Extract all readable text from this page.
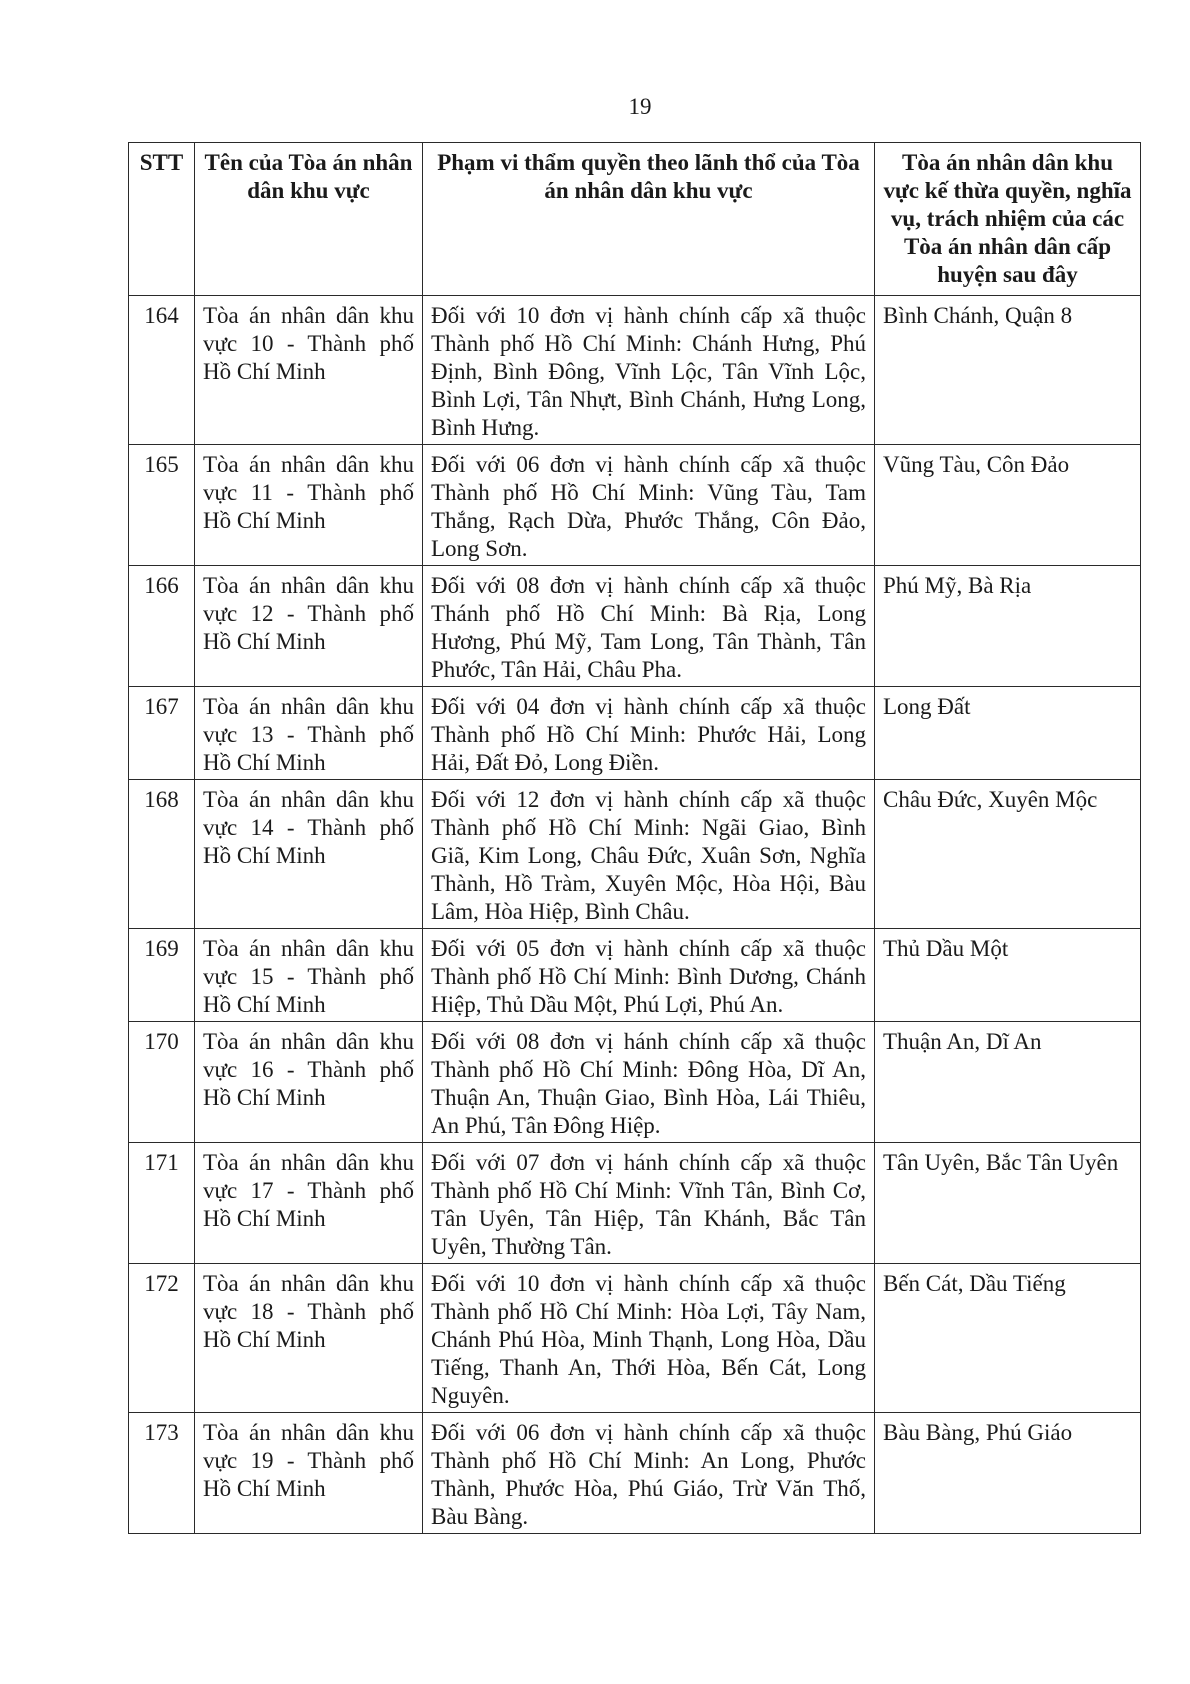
19
STT	Tên của Tòa án nhân dân khu vực	Phạm vi thẩm quyền theo lãnh thổ của Tòa án nhân dân khu vực	Tòa án nhân dân khu vực kế thừa quyền, nghĩa vụ, trách nhiệm của các Tòa án nhân dân cấp huyện sau đây
164	Tòa án nhân dân khu vực 10 - Thành phố Hồ Chí Minh	Đối với 10 đơn vị hành chính cấp xã thuộc Thành phố Hồ Chí Minh: Chánh Hưng, Phú Định, Bình Đông, Vĩnh Lộc, Tân Vĩnh Lộc, Bình Lợi, Tân Nhựt, Bình Chánh, Hưng Long, Bình Hưng.	Bình Chánh, Quận 8
165	Tòa án nhân dân khu vực 11 - Thành phố Hồ Chí Minh	Đối với 06 đơn vị hành chính cấp xã thuộc Thành phố Hồ Chí Minh: Vũng Tàu, Tam Thắng, Rạch Dừa, Phước Thắng, Côn Đảo, Long Sơn.	Vũng Tàu, Côn Đảo
166	Tòa án nhân dân khu vực 12 - Thành phố Hồ Chí Minh	Đối với 08 đơn vị hành chính cấp xã thuộc Thánh phố Hồ Chí Minh: Bà Rịa, Long Hương, Phú Mỹ, Tam Long, Tân Thành, Tân Phước, Tân Hải, Châu Pha.	Phú Mỹ, Bà Rịa
167	Tòa án nhân dân khu vực 13 - Thành phố Hồ Chí Minh	Đối với 04 đơn vị hành chính cấp xã thuộc Thành phố Hồ Chí Minh: Phước Hải, Long Hải, Đất Đỏ, Long Điền.	Long Đất
168	Tòa án nhân dân khu vực 14 - Thành phố Hồ Chí Minh	Đối với 12 đơn vị hành chính cấp xã thuộc Thành phố Hồ Chí Minh: Ngãi Giao, Bình Giã, Kim Long, Châu Đức, Xuân Sơn, Nghĩa Thành, Hồ Tràm, Xuyên Mộc, Hòa Hội, Bàu Lâm, Hòa Hiệp, Bình Châu.	Châu Đức, Xuyên Mộc
169	Tòa án nhân dân khu vực 15 - Thành phố Hồ Chí Minh	Đối với 05 đơn vị hành chính cấp xã thuộc Thành phố Hồ Chí Minh: Bình Dương, Chánh Hiệp, Thủ Dầu Một, Phú Lợi, Phú An.	Thủ Dầu Một
170	Tòa án nhân dân khu vực 16 - Thành phố Hồ Chí Minh	Đối với 08 đơn vị hánh chính cấp xã thuộc Thành phố Hồ Chí Minh: Đông Hòa, Dĩ An, Thuận An, Thuận Giao, Bình Hòa, Lái Thiêu, An Phú, Tân Đông Hiệp.	Thuận An, Dĩ An
171	Tòa án nhân dân khu vực 17 - Thành phố Hồ Chí Minh	Đối với 07 đơn vị hánh chính cấp xã thuộc Thành phố Hồ Chí Minh: Vĩnh Tân, Bình Cơ, Tân Uyên, Tân Hiệp, Tân Khánh, Bắc Tân Uyên, Thường Tân.	Tân Uyên, Bắc Tân Uyên
172	Tòa án nhân dân khu vực 18 - Thành phố Hồ Chí Minh	Đối với 10 đơn vị hành chính cấp xã thuộc Thành phố Hồ Chí Minh: Hòa Lợi, Tây Nam, Chánh Phú Hòa, Minh Thạnh, Long Hòa, Dầu Tiếng, Thanh An, Thới Hòa, Bến Cát, Long Nguyên.	Bến Cát, Dầu Tiếng
173	Tòa án nhân dân khu vực 19 - Thành phố Hồ Chí Minh	Đối với 06 đơn vị hành chính cấp xã thuộc Thành phố Hồ Chí Minh: An Long, Phước Thành, Phước Hòa, Phú Giáo, Trừ Văn Thố, Bàu Bàng.	Bàu Bàng, Phú Giáo
